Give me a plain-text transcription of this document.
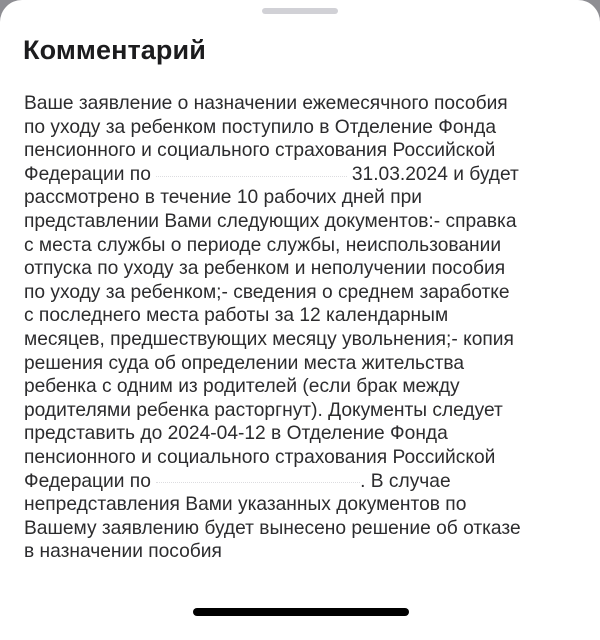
Комментарий
Ваше заявление о назначении ежемесячного пособия
по уходу за ребенком поступило в Отделение Фонда
пенсионного и социального страхования Российской
Федерации по	31.03.2024 и будет
рассмотрено в течение 10 рабочих дней при
представлении Вами следующих документов:- справка
с места службы о периоде службы, неиспользовании
отпуска по уходу за ребенком и неполучении пособия
по уходу за ребенком;- сведения о среднем заработке
с последнего места работы за 12 календарным
месяцев, предшествующих месяцу увольнения;- копия
решения суда об определении места жительства
ребенка с одним из родителей (если брак между
родителями ребенка расторгнут). Документы следует
представить до 2024-04-12 в Отделение Фонда
пенсионного и социального страхования Российской
Федерации по	. В случае
непредставления Вами указанных документов по
Вашему заявлению будет вынесено решение об отказе
в назначении пособия
